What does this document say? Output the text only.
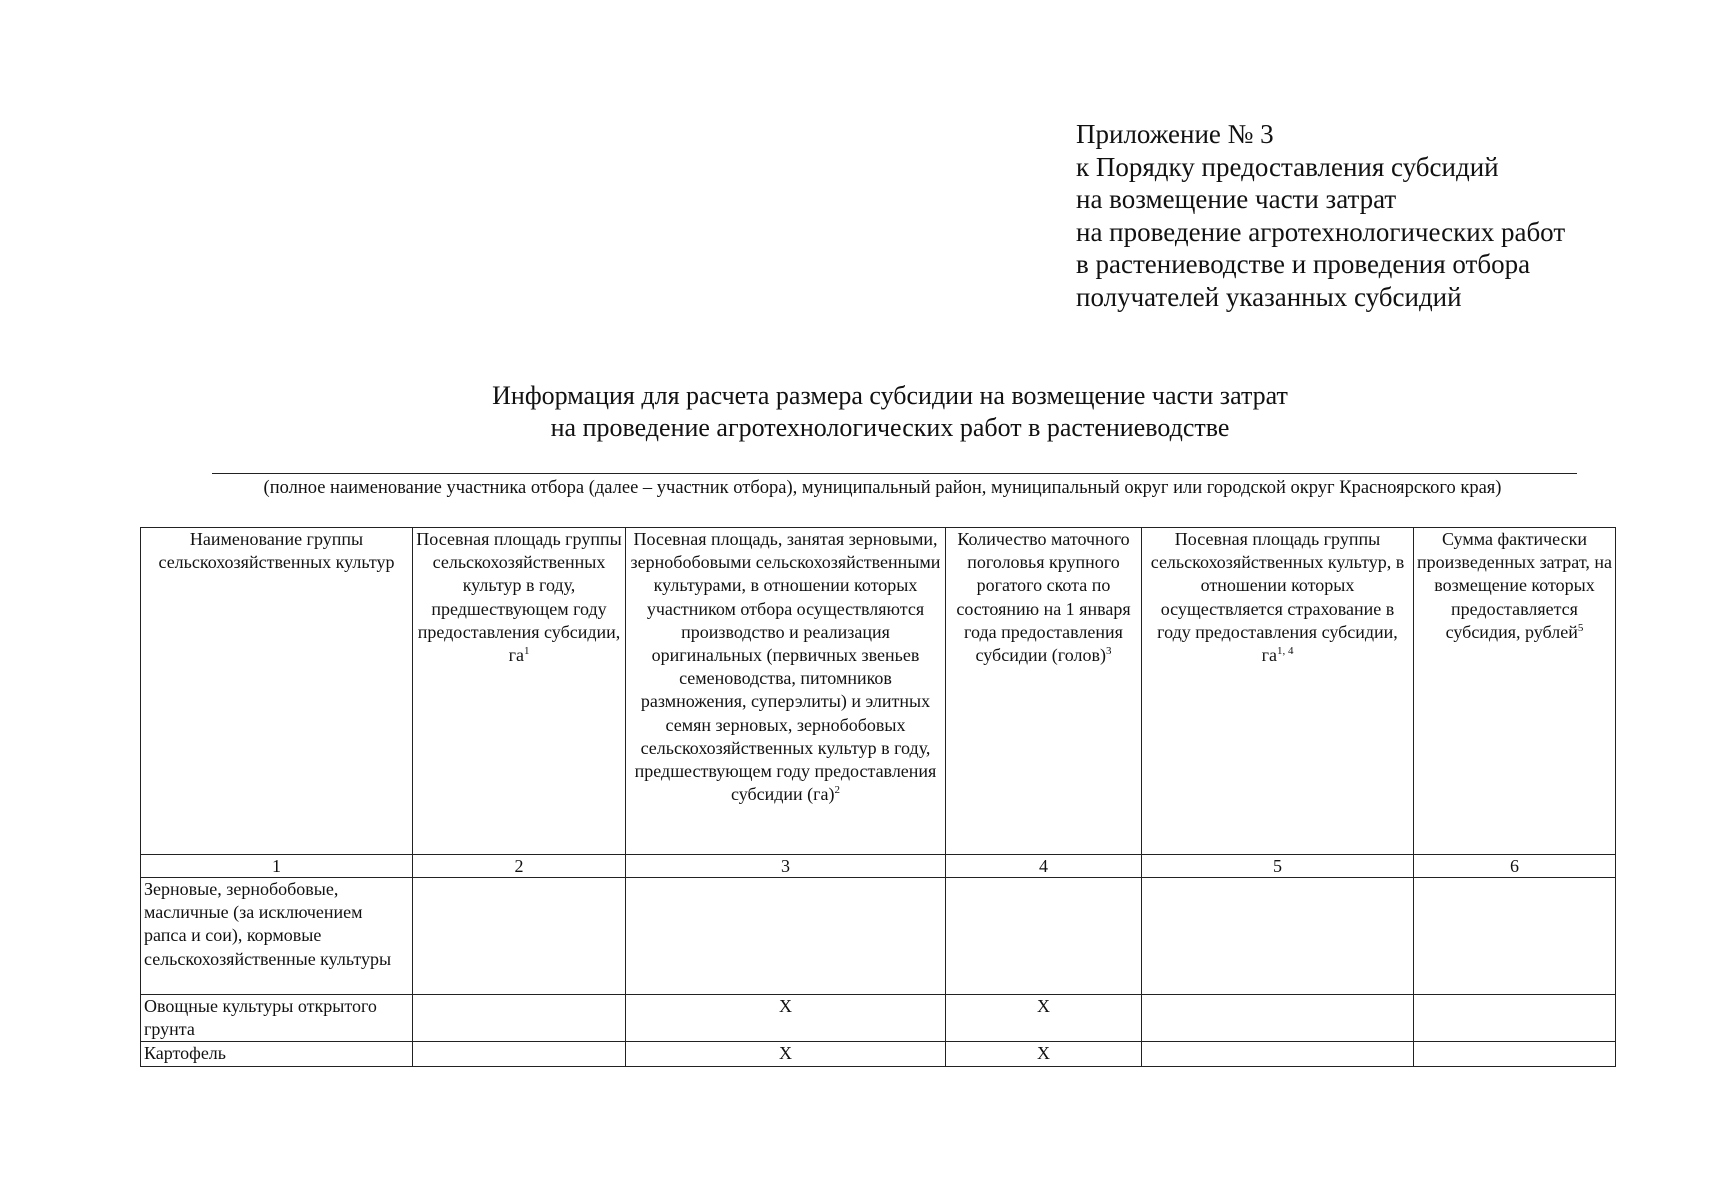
Приложение № 3
к Порядку предоставления субсидий
на возмещение части затрат
на проведение агротехнологических работ
в растениеводстве и проведения отбора
получателей указанных субсидий
Информация для расчета размера субсидии на возмещение части затрат
на проведение агротехнологических работ в растениеводстве
(полное наименование участника отбора (далее – участник отбора), муниципальный район, муниципальный округ или городской округ Красноярского края)
Наименование группы сельскохозяйственных культур	Посевная площадь группы сельскохозяйственных культур в году, предшествующем году предоставления субсидии, $га^1$	Посевная площадь, занятая зерновыми, зернобобовыми сельскохозяйственными культурами, в отношении которых участником отбора осуществляются производство и реализация оригинальных (первичных звеньев семеноводства, питомников размножения, суперэлиты) и элитных семян зерновых, зернобобовых сельскохозяйственных культур в году, предшествующем году предоставления субсидии (га)$^2$	Количество маточного поголовья крупного рогатого скота по состоянию на 1 января года предоставления субсидии (голов)$^3$	Посевная площадь группы сельскохозяйственных культур, в отношении которых осуществляется страхование в году предоставления субсидии, га$^{1, 4}$	Сумма фактически произведенных затрат, на возмещение которых предоставляется субсидия, рублей$^5$
1	2	3	4	5	6
Зерновые, зернобобовые, масличные (за исключением рапса и сои), кормовые сельскохозяйственные культуры					
Овощные культуры открытого грунта		X	X		
Картофель		X	X		
